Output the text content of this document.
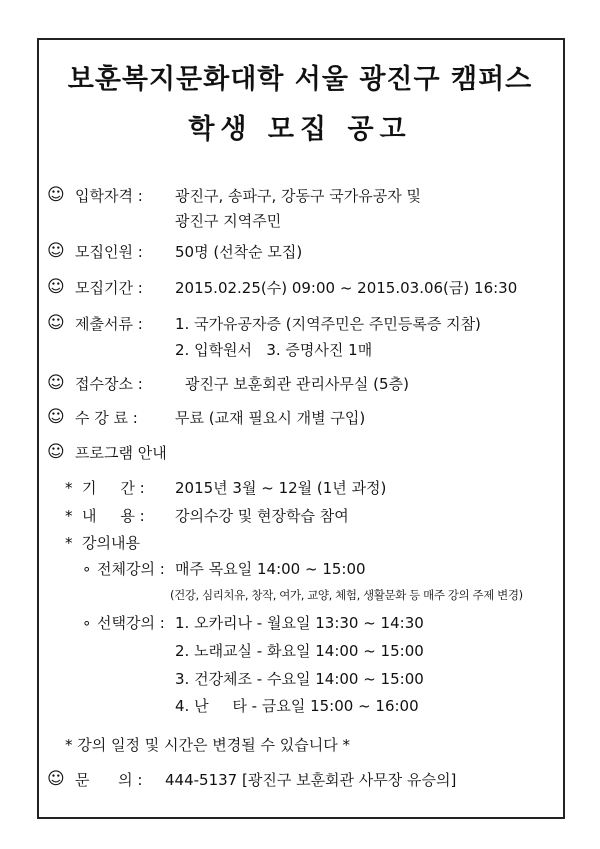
보훈복지문화대학 서울 광진구 캠퍼스
학생 모집 공고
☺ 입학자격 : 광진구, 송파구, 강동구 국가유공자 및
광진구 지역주민
☺ 모집인원 : 50명 (선착순 모집)
☺ 모집기간 : 2015.02.25(수) 09:00 ~ 2015.03.06(금) 16:30
☺ 제출서류 : 1. 국가유공자증 (지역주민은 주민등록증 지참)
2. 입학원서   3. 증명사진 1매
☺ 접수장소 :	광진구 보훈회관 관리사무실 (5층)
☺ 수 강 료 : 무료 (교재 필요시 개별 구입)
☺ 프로그램 안내
* 기     간 : 2015년 3월 ~ 12월 (1년 과정)
* 내     용 : 강의수강 및 현장학습 참여
* 강의내용
∘ 전체강의 : 매주 목요일 14:00 ~ 15:00
(건강, 심리치유, 창작, 여가, 교양, 체험, 생활문화 등 매주 강의 주제 변경)
∘ 선택강의 : 1. 오카리나 - 월요일 13:30 ~ 14:30
2. 노래교실 - 화요일 14:00 ~ 15:00
3. 건강체조 - 수요일 14:00 ~ 15:00
4. 난     타 - 금요일 15:00 ~ 16:00
* 강의 일정 및 시간은 변경될 수 있습니다 *
☺ 문      의 : 444-5137 [광진구 보훈회관 사무장 유승의]
